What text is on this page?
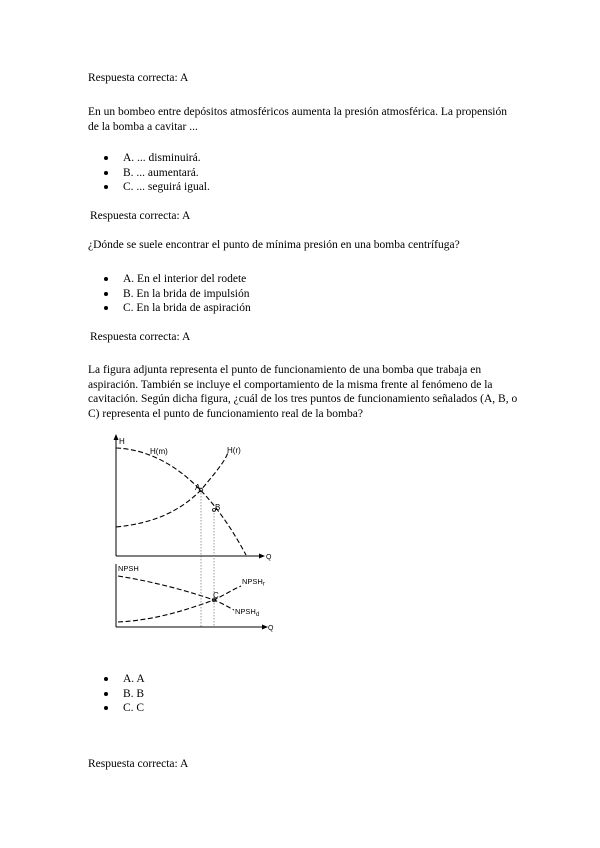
Respuesta correcta: A

En un bombeo entre depósitos atmosféricos aumenta la presión atmosférica. La propensión de la bomba a cavitar ...

A. ... disminuirá.
B. ... aumentará.
C. ... seguirá igual.
Respuesta correcta: A

¿Dónde se suele encontrar el punto de mínima presión en una bomba centrífuga?

A. En el interior del rodete
B. En la brida de impulsión
C. En la brida de aspiración
Respuesta correcta: A

La figura adjunta representa el punto de funcionamiento de una bomba que trabaja en aspiración. También se incluye el comportamiento de la misma frente al fenómeno de la cavitación. Según dicha figura, ¿cuál de los tres puntos de funcionamiento señalados (A, B, o C) representa el punto de funcionamiento real de la bomba?

H
Q
H(m)	H(r)
A
B
NPSH
Q
$NPSH_r$
$NPSH_d$
C
A. A
B. B
C. C
Respuesta correcta: A
